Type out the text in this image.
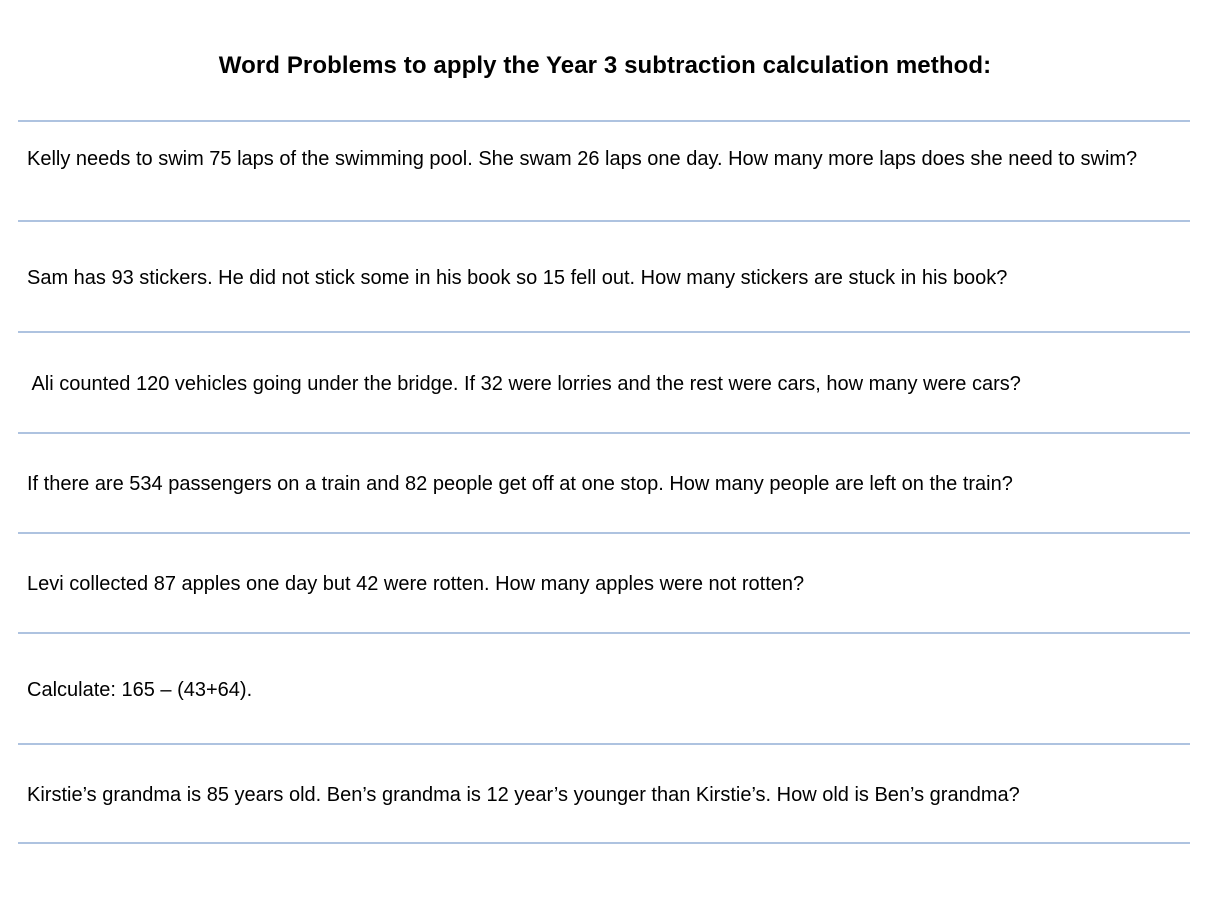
Word Problems to apply the Year 3 subtraction calculation method:

Kelly needs to swim 75 laps of the swimming pool. She swam 26 laps one day. How many more laps does she need to swim?

Sam has 93 stickers. He did not stick some in his book so 15 fell out. How many stickers are stuck in his book?

Ali counted 120 vehicles going under the bridge. If 32 were lorries and the rest were cars, how many were cars?

If there are 534 passengers on a train and 82 people get off at one stop. How many people are left on the train?

Levi collected 87 apples one day but 42 were rotten. How many apples were not rotten?

Calculate: 165 – (43+64).

Kirstie’s grandma is 85 years old. Ben’s grandma is 12 year’s younger than Kirstie’s. How old is Ben’s grandma?
